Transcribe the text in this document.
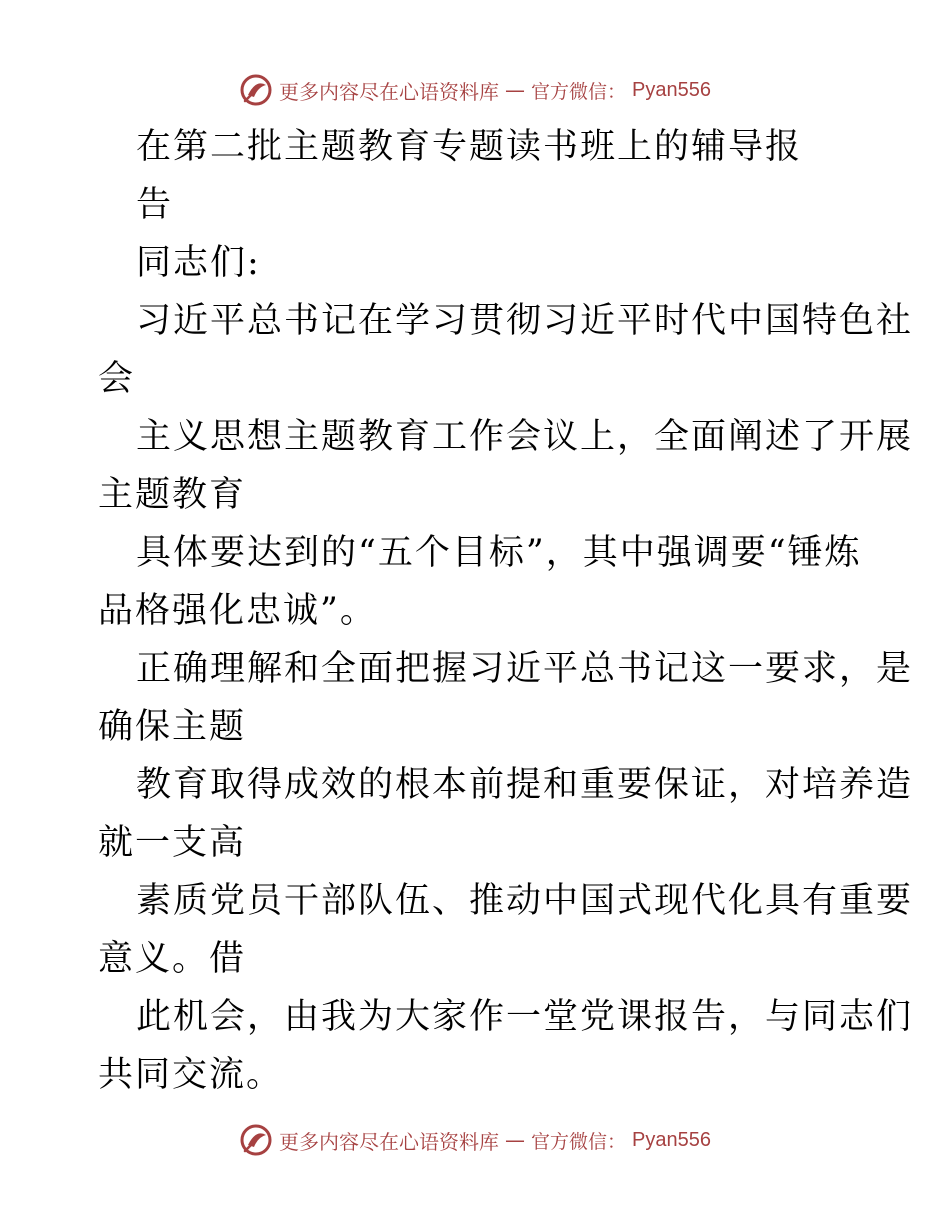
更多内容尽在心语资料库 — 官方微信： Pyan556
在第二批主题教育专题读书班上的辅导报
告
同志们:
习近平总书记在学习贯彻习近平时代中国特色社
会
主义思想主题教育工作会议上，全面阐述了开展
主题教育
具体要达到的“五个目标”，其中强调要“锤炼
品格强化忠诚”。
正确理解和全面把握习近平总书记这一要求，是
确保主题
教育取得成效的根本前提和重要保证，对培养造
就一支高
素质党员干部队伍、推动中国式现代化具有重要
意义。借
此机会，由我为大家作一堂党课报告，与同志们
共同交流。
更多内容尽在心语资料库 — 官方微信： Pyan556
